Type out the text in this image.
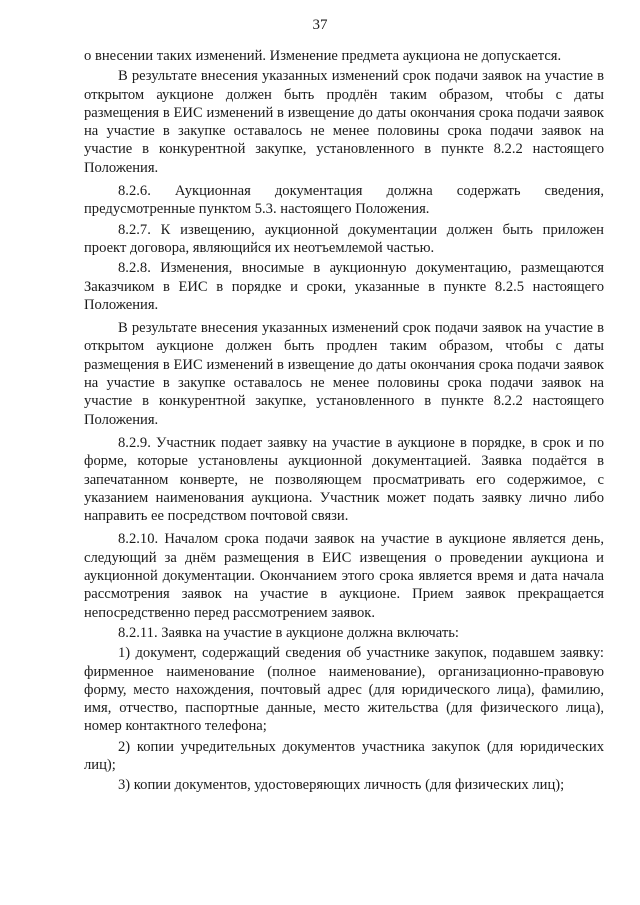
37

о внесении таких изменений. Изменение предмета аукциона не допускается.

В результате внесения указанных изменений срок подачи заявок на участие в открытом аукционе должен быть продлён таким образом, чтобы с даты размещения в ЕИС изменений в извещение до даты окончания срока подачи заявок на участие в закупке оставалось не менее половины срока подачи заявок на участие в конкурентной закупке, установленного в пункте 8.2.2 настоящего Положения.

8.2.6. Аукционная документация должна содержать сведения, предусмотренные пунктом 5.3. настоящего Положения.

8.2.7. К извещению, аукционной документации должен быть приложен проект договора, являющийся их неотъемлемой частью.

8.2.8. Изменения, вносимые в аукционную документацию, размещаются Заказчиком в ЕИС в порядке и сроки, указанные в пункте 8.2.5 настоящего Положения.

В результате внесения указанных изменений срок подачи заявок на участие в открытом аукционе должен быть продлен таким образом, чтобы с даты размещения в ЕИС изменений в извещение до даты окончания срока подачи заявок на участие в закупке оставалось не менее половины срока подачи заявок на участие в конкурентной закупке, установленного в пункте 8.2.2 настоящего Положения.

8.2.9. Участник подает заявку на участие в аукционе в порядке, в срок и по форме, которые установлены аукционной документацией. Заявка подаётся в запечатанном конверте, не позволяющем просматривать его содержимое, с указанием наименования аукциона. Участник может подать заявку лично либо направить ее посредством почтовой связи.

8.2.10. Началом срока подачи заявок на участие в аукционе является день, следующий за днём размещения в ЕИС извещения о проведении аукциона и аукционной документации. Окончанием этого срока является время и дата начала рассмотрения заявок на участие в аукционе. Прием заявок прекращается непосредственно перед рассмотрением заявок.

8.2.11. Заявка на участие в аукционе должна включать:

1) документ, содержащий сведения об участнике закупок, подавшем заявку: фирменное наименование (полное наименование), организационно-правовую форму, место нахождения, почтовый адрес (для юридического лица), фамилию, имя, отчество, паспортные данные, место жительства (для физического лица), номер контактного телефона;

2) копии учредительных документов участника закупок (для юридических лиц);

3) копии документов, удостоверяющих личность (для физических лиц);
